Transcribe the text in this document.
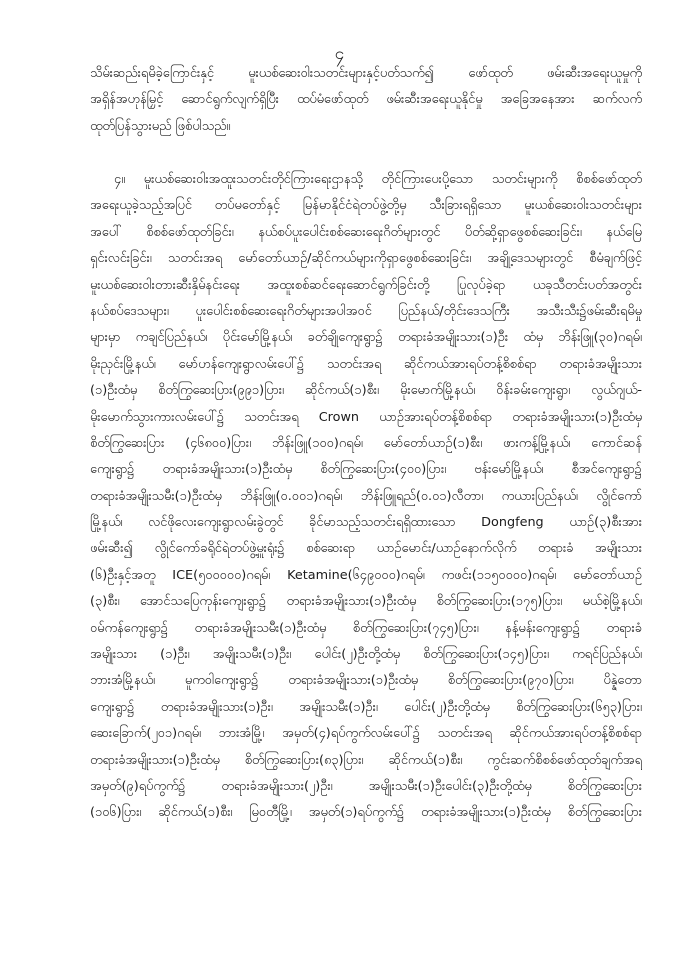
၄
သိမ်းဆည်းရမိခဲ့ကြောင်းနှင့် မူးယစ်ဆေးဝါးသတင်းများနှင့်ပတ်သက်၍ ဖော်ထုတ် ဖမ်းဆီးအရေးယူမှုကို
အရှိန်အဟုန်မြှင့် ဆောင်ရွက်လျက်ရှိပြီး ထပ်မံဖော်ထုတ် ဖမ်းဆီးအရေးယူနိုင်မှု အခြေအနေအား ဆက်လက်
ထုတ်ပြန်သွားမည် ဖြစ်ပါသည်။
၄။ မူးယစ်ဆေးဝါးအထူးသတင်းတိုင်ကြားရေးဌာနသို့ တိုင်ကြားပေးပို့သော သတင်းများကို စိစစ်ဖော်ထုတ်
အရေးယူခဲ့သည့်အပြင် တပ်မတော်နှင့် မြန်မာနိုင်ငံရဲတပ်ဖွဲ့တို့မှ သီးခြားရရှိသော မူးယစ်ဆေးဝါးသတင်းများ
အပေါ် စိစစ်ဖော်ထုတ်ခြင်း၊ နယ်စပ်ပူးပေါင်းစစ်ဆေးရေးဂိတ်များတွင် ပိတ်ဆို့ရှာဖွေစစ်ဆေးခြင်း၊ နယ်မြေ
ရှင်းလင်းခြင်း၊ သတင်းအရ မော်တော်ယာဉ်/ဆိုင်ကယ်များကိုရှာဖွေစစ်ဆေးခြင်း၊ အချို့ဒေသများတွင် စီမံချက်ဖြင့်
မူးယစ်ဆေးဝါးတားဆီးနှိမ်နင်းရေး အထူးစစ်ဆင်ရေးဆောင်ရွက်ခြင်းတို့ ပြုလုပ်ခဲ့ရာ ယခုသီတင်းပတ်အတွင်း
နယ်စပ်ဒေသများ၊ ပူးပေါင်းစစ်ဆေးရေးဂိတ်များအပါအဝင် ပြည်နယ်/တိုင်းဒေသကြီး အသီးသီး၌ဖမ်းဆီးရမိမှု
များမှာ ကချင်ပြည်နယ်၊ ပိုင်းမော်မြို့နယ်၊ ခတ်ချိုကျေးရွာ၌ တရားခံအမျိုးသား(၁)ဦး ထံမှ ဘိန်းဖြူ(၃၀)ဂရမ်၊
မိုးညှင်းမြို့နယ်၊ မော်ဟန်ကျေးရွာလမ်းပေါ်၌ သတင်းအရ ဆိုင်ကယ်အားရပ်တန့်စိစစ်ရာ တရားခံအမျိုးသား
(၁)ဦးထံမှ စိတ်ကြွဆေးပြား(၉၉၁)ပြား၊ ဆိုင်ကယ်(၁)စီး၊ မိုးမောက်မြို့နယ်၊ ဝိန်းခမ်းကျေးရွာ၊ လွယ်ဂျယ်-
မိုးမောက်သွားကားလမ်းပေါ်၌ သတင်းအရ Crown ယာဉ်အားရပ်တန့်စိစစ်ရာ တရားခံအမျိုးသား(၁)ဦးထံမှ
စိတ်ကြွဆေးပြား (၄၆၈၀၀)ပြား၊ ဘိန်းဖြူ(၁၀၀)ဂရမ်၊ မော်တော်ယာဉ်(၁)စီး၊ ဖားကန့်မြို့နယ်၊ ကောင်ဆန်
ကျေးရွာ၌ တရားခံအမျိုးသား(၁)ဦးထံမှ စိတ်ကြွဆေးပြား(၄၀၀)ပြား၊ ဗန်းမော်မြို့နယ်၊ စီအင်ကျေးရွာ၌
တရားခံအမျိုးသမီး(၁)ဦးထံမှ ဘိန်းဖြူ(၀.၀၀၁)ဂရမ်၊ ဘိန်းဖြူရည်(၀.၀၁)လီတာ၊ ကယားပြည်နယ်၊ လွိုင်ကော်
မြို့နယ်၊ လင်ဖိုလေးကျေးရွာလမ်းခွဲတွင် ခိုင်မာသည့်သတင်းရရှိထားသော Dongfeng ယာဉ်(၃)စီးအား
ဖမ်းဆီး၍ လွိုင်ကော်ခရိုင်ရဲတပ်ဖွဲ့မှူးရုံး၌ စစ်ဆေးရာ ယာဉ်မောင်း/ယာဉ်နောက်လိုက် တရားခံ အမျိုးသား
(၆)ဦးနှင့်အတူ ICE(၅၀၀၀၀၀)ဂရမ်၊ Ketamine(၆၄၉၀၀၀)ဂရမ်၊ ကဖင်း(၁၁၅၀၀၀၀)ဂရမ်၊ မော်တော်ယာဉ်
(၃)စီး၊ အောင်သပြေကုန်းကျေးရွာ၌ တရားခံအမျိုးသား(၁)ဦးထံမှ စိတ်ကြွဆေးပြား(၁၇၅)ပြား၊ မယ်စဲ့မြို့နယ်၊
ဝမ်ကန်ကျေးရွာ၌ တရားခံအမျိုးသမီး(၁)ဦးထံမှ စိတ်ကြွဆေးပြား(၇၄၅)ပြား၊ နန့်မန်းကျေးရွာ၌ တရားခံ
အမျိုးသား (၁)ဦး၊ အမျိုးသမီး(၁)ဦး၊ ပေါင်း(၂)ဦးတို့ထံမှ စိတ်ကြွဆေးပြား(၁၄၅)ပြား၊ ကရင်ပြည်နယ်၊
ဘားအံမြို့နယ်၊ မူကဝါကျေးရွာ၌ တရားခံအမျိုးသား(၁)ဦးထံမှ စိတ်ကြွဆေးပြား(၉၇၀)ပြား၊ ပိန္နဲတော
ကျေးရွာ၌ တရားခံအမျိုးသား(၁)ဦး၊ အမျိုးသမီး(၁)ဦး၊ ပေါင်း(၂)ဦးတို့ထံမှ စိတ်ကြွဆေးပြား(၆၅၃)ပြား၊
ဆေးခြောက်(၂၀၁)ဂရမ်၊ ဘားအံမြို့၊ အမှတ်(၄)ရပ်ကွက်လမ်းပေါ်၌ သတင်းအရ ဆိုင်ကယ်အားရပ်တန့်စိစစ်ရာ
တရားခံအမျိုးသား(၁)ဦးထံမှ စိတ်ကြွဆေးပြား(၈၃)ပြား၊ ဆိုင်ကယ်(၁)စီး၊ ကွင်းဆက်စိစစ်ဖော်ထုတ်ချက်အရ
အမှတ်(၉)ရပ်ကွက်၌ တရားခံအမျိုးသား(၂)ဦး၊ အမျိုးသမီး(၁)ဦးပေါင်း(၃)ဦးတို့ထံမှ စိတ်ကြွဆေးပြား
(၁၀၆)ပြား၊ ဆိုင်ကယ်(၁)စီး၊ မြဝတီမြို့၊ အမှတ်(၁)ရပ်ကွက်၌ တရားခံအမျိုးသား(၁)ဦးထံမှ စိတ်ကြွဆေးပြား
